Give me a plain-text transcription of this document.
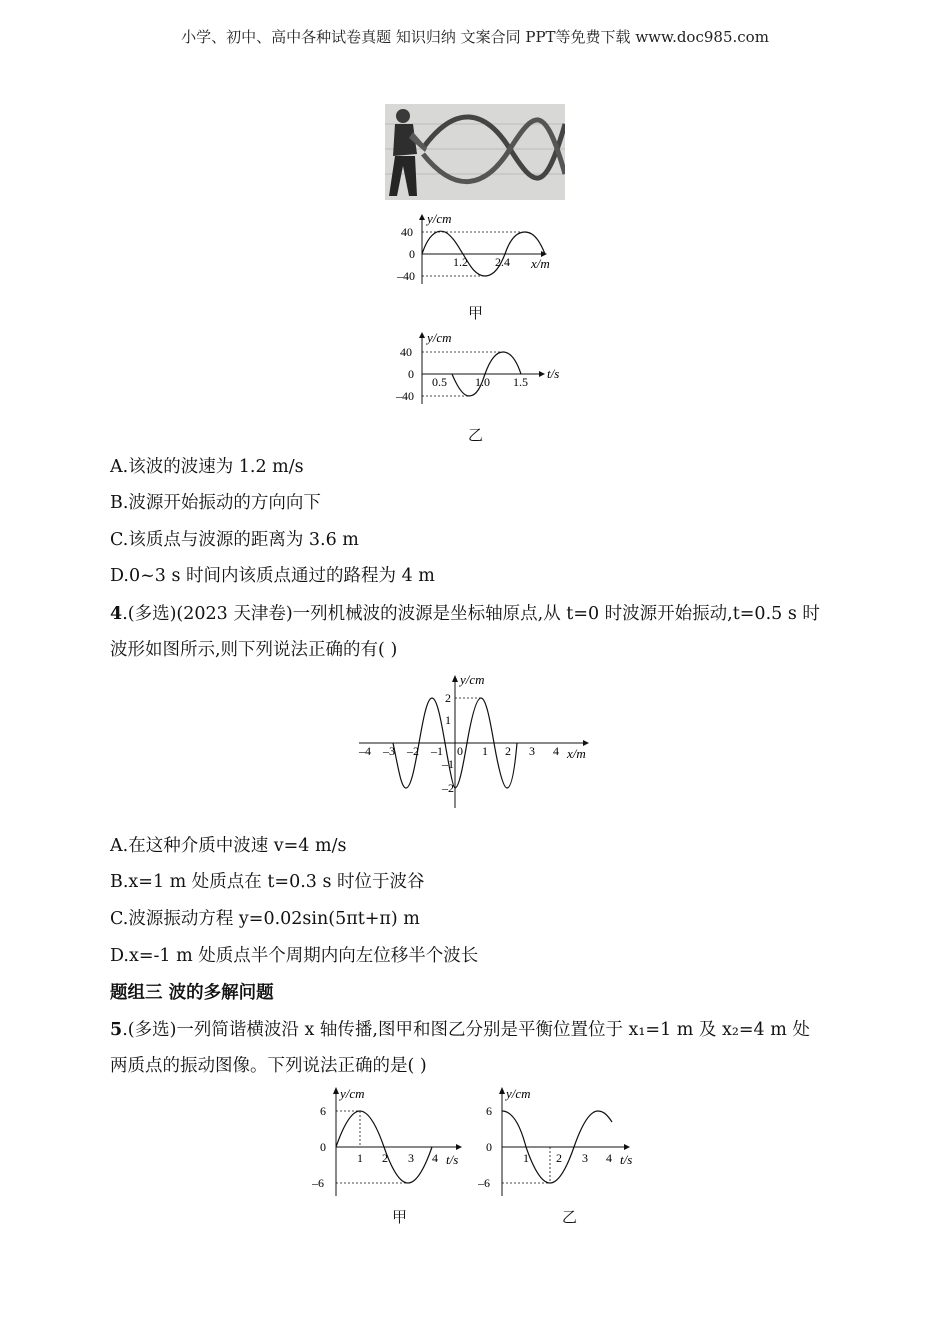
小学、初中、高中各种试卷真题 知识归纳 文案合同 PPT等免费下载 www.doc985.com
y/cm
40
0
–40
1.2 2.4 x/m
甲
y/cm
40
0
–40
0.5 1.0 1.5
t/s
乙
A.该波的波速为 1.2 m/s
B.波源开始振动的方向向下
C.该质点与波源的距离为 3.6 m
D.0~3 s 时间内该质点通过的路程为 4 m
4.(多选)(2023 天津卷)一列机械波的波源是坐标轴原点,从 t=0 时波源开始振动,t=0.5 s 时
波形如图所示,则下列说法正确的有( )
y/cm
2
1
–1
–2
–4 –3 –2 –1 0 1 2 3 4 x/m
A.在这种介质中波速 v=4 m/s
B.x=1 m 处质点在 t=0.3 s 时位于波谷
C.波源振动方程 y=0.02sin(5πt+π) m
D.x=-1 m 处质点半个周期内向左位移半个波长
题组三 波的多解问题
5.(多选)一列简谐横波沿 x 轴传播,图甲和图乙分别是平衡位置位于 x₁=1 m 及 x₂=4 m 处
两质点的振动图像。下列说法正确的是( )
y/cm
6
0
–6
1 2 3 4 t/s
甲
y/cm
6
0
–6
1 2 3 4 t/s
乙
